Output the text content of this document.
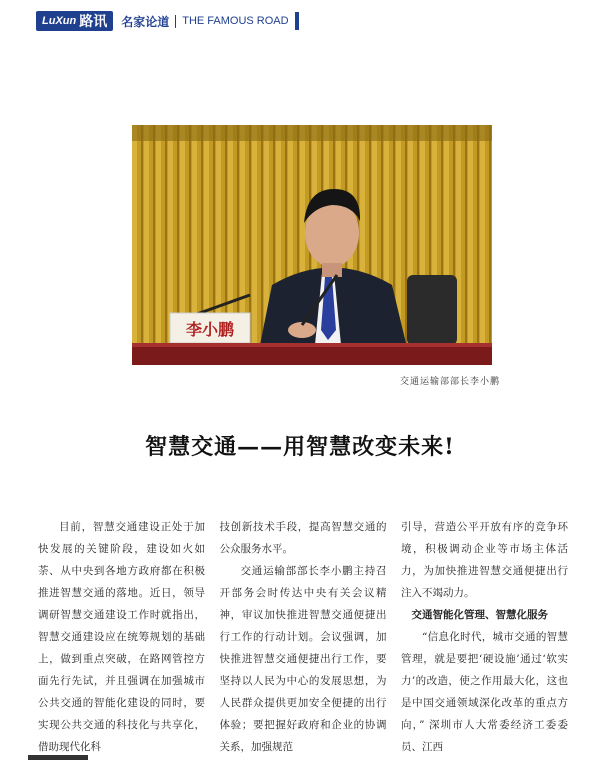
LuXun 路讯 名家论道 THE FAMOUS ROAD
李小鹏
交通运输部部长李小鹏
智慧交通——用智慧改变未来!

目前，智慧交通建设正处于加快发展的关键阶段，建设如火如荼、从中央到各地方政府都在积极推进智慧交通的落地。近日，领导调研智慧交通建设工作时就指出，智慧交通建设应在统筹规划的基础上，做到重点突破，在路网管控方面先行先试，并且强调在加强城市公共交通的智能化建设的同时，要实现公共交通的科技化与共享化，借助现代化科

技创新技术手段，提高智慧交通的公众服务水平。

交通运输部部长李小鹏主持召开部务会时传达中央有关会议精神，审议加快推进智慧交通便捷出行工作的行动计划。会议强调，加快推进智慧交通便捷出行工作，要坚持以人民为中心的发展思想，为人民群众提供更加安全便捷的出行体验；要把握好政府和企业的协调关系，加强规范

引导，营造公平开放有序的竞争环境，积极调动企业等市场主体活力，为加快推进智慧交通便捷出行注入不竭动力。

交通智能化管理、智慧化服务

“信息化时代，城市交通的智慧管理，就是要把‘硬设施’通过‘软实力’的改造，使之作用最大化，这也是中国交通领域深化改革的重点方向，” 深圳市人大常委经济工委委员、江西
